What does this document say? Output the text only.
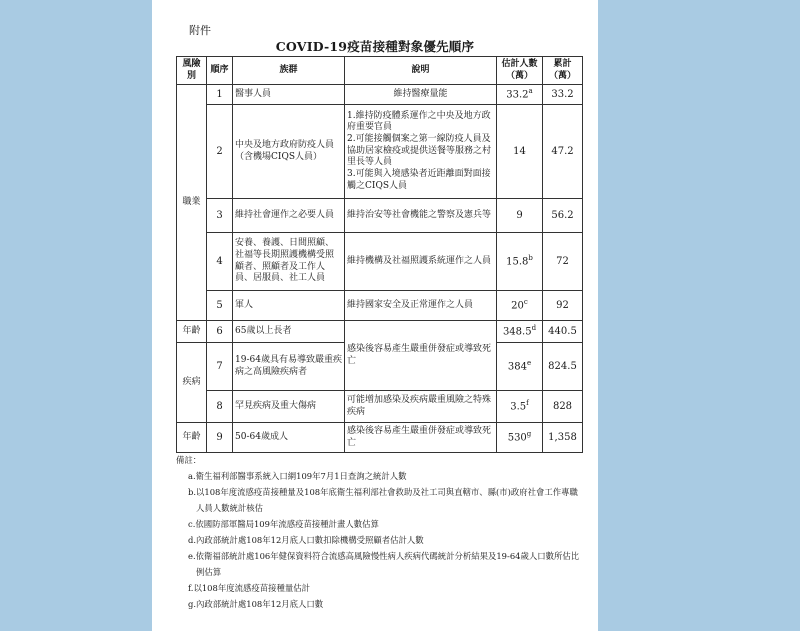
附件
COVID-19疫苗接種對象優先順序
風險別	順序	族群	說明	估計人數（萬）	累計（萬）
職業	1	醫事人員	維持醫療量能	33.2$^a$	33.2
	2	中央及地方政府防疫人員（含機場CIQS人員）	1.維持防疫體系運作之中央及地方政府重要官員
2.可能接觸個案之第一線防疫人員及協助居家檢疫或提供送餐等服務之村里長等人員
3.可能與入境感染者近距離面對面接觸之CIQS人員	14	47.2
	3	維持社會運作之必要人員	維持治安等社會機能之警察及憲兵等	9	56.2
	4	安養、養護、日間照顧、社福等長期照護機構受照顧者、照顧者及工作人員、居服員、社工人員	維持機構及社福照護系統運作之人員	15.8$^b$	72
	5	軍人	維持國家安全及正常運作之人員	20$^c$	92
年齡	6	65歲以上長者	感染後容易產生嚴重併發症或導致死亡	348.5$^d$	440.5
疾病	7	19-64歲具有易導致嚴重疾病之高風險疾病者		384e	824.5
	8	罕見疾病及重大傷病	可能增加感染及疾病嚴重風險之特殊疾病	3.5$^f$	828
年齡	9	50-64歲成人	感染後容易產生嚴重併發症或導致死亡	530$^g$	1,358
備註：
a.衛生福利部醫事系統入口網109年7月1日查詢之統計人數
b.以108年度流感疫苗接種量及108年底衛生福利部社會救助及社工司與直轄市、縣(市)政府社會工作專職人員人數統計核估
c.依國防部軍醫局109年流感疫苗接種計畫人數估算
d.內政部統計處108年12月底人口數扣除機構受照顧者估計人數
e.依衛福部統計處106年健保資料符合流感高風險慢性病人疾病代碼統計分析結果及19-64歲人口數所估比例估算
f.以108年度流感疫苗接種量估計
g.內政部統計處108年12月底人口數
